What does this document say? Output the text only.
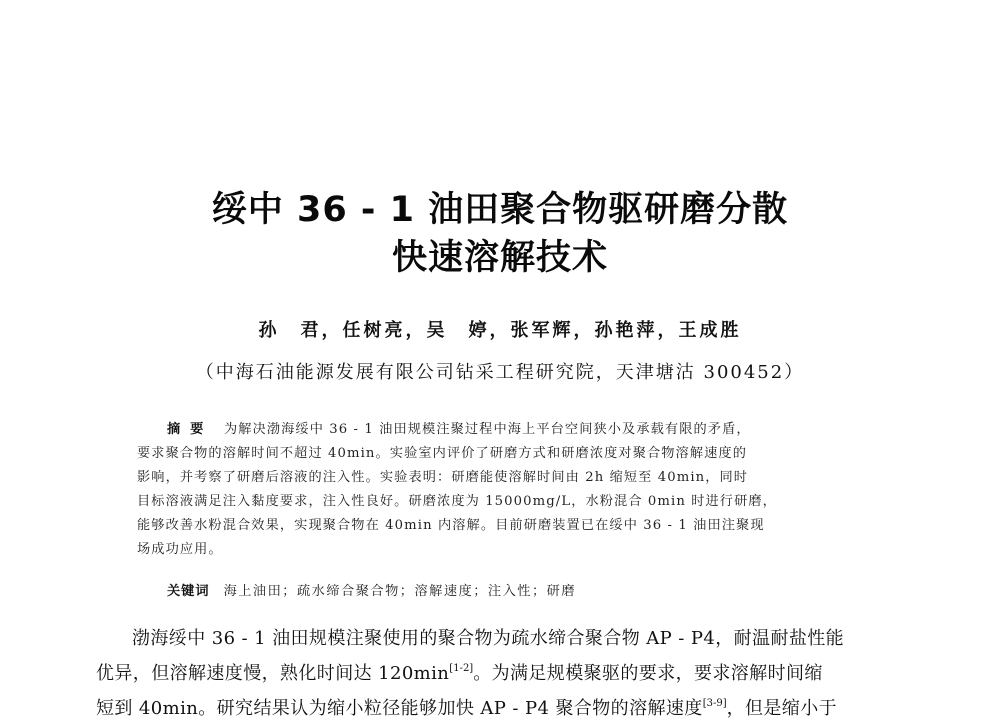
绥中 36 - 1 油田聚合物驱研磨分散
快速溶解技术
孙　君，任树亮，吴　婷，张军辉，孙艳萍，王成胜
（中海石油能源发展有限公司钻采工程研究院，天津塘沽 300452）
摘要 为解决渤海绥中 36 - 1 油田规模注聚过程中海上平台空间狭小及承载有限的矛盾，
要求聚合物的溶解时间不超过 40min。实验室内评价了研磨方式和研磨浓度对聚合物溶解速度的
影响，并考察了研磨后溶液的注入性。实验表明：研磨能使溶解时间由 2h 缩短至 40min，同时
目标溶液满足注入黏度要求，注入性良好。研磨浓度为 15000mg/L，水粉混合 0min 时进行研磨，
能够改善水粉混合效果，实现聚合物在 40min 内溶解。目前研磨装置已在绥中 36 - 1 油田注聚现
场成功应用。
关键词 海上油田；疏水缔合聚合物；溶解速度；注入性；研磨
渤海绥中 36 - 1 油田规模注聚使用的聚合物为疏水缔合聚合物 AP - P4，耐温耐盐性能
优异，但溶解速度慢，熟化时间达 120min[1-2]。为满足规模聚驱的要求，要求溶解时间缩
短到 40min。研究结果认为缩小粒径能够加快 AP - P4 聚合物的溶解速度[3-9]，但是缩小于
